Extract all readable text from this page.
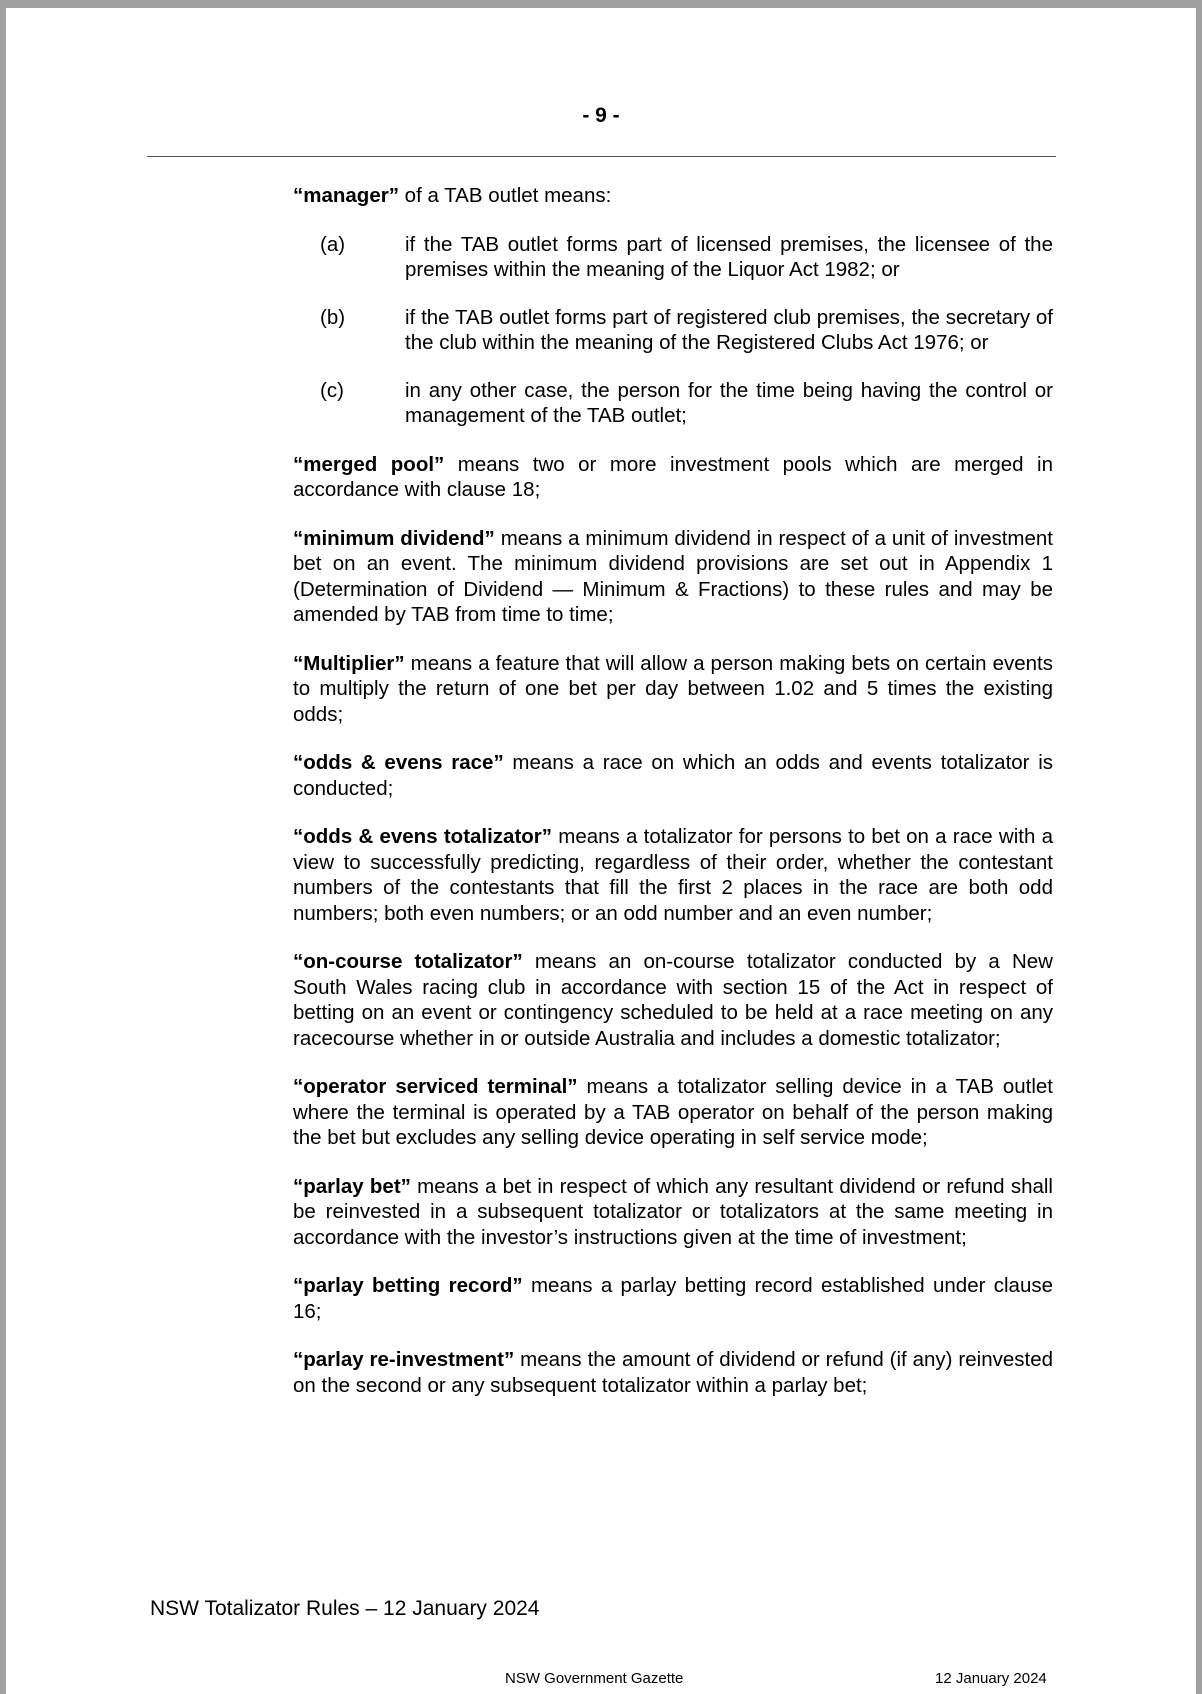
- 9 -

“manager” of a TAB outlet means:

(a)	if the TAB outlet forms part of licensed premises, the licensee of the premises within the meaning of the Liquor Act 1982; or
(b)	if the TAB outlet forms part of registered club premises, the secretary of the club within the meaning of the Registered Clubs Act 1976; or
(c)	in any other case, the person for the time being having the control or management of the TAB outlet;

“merged pool” means two or more investment pools which are merged in accordance with clause 18;

“minimum dividend” means a minimum dividend in respect of a unit of investment bet on an event. The minimum dividend provisions are set out in Appendix 1 (Determination of Dividend — Minimum & Fractions) to these rules and may be amended by TAB from time to time;

“Multiplier” means a feature that will allow a person making bets on certain events to multiply the return of one bet per day between 1.02 and 5 times the existing odds;

“odds & evens race” means a race on which an odds and events totalizator is conducted;

“odds & evens totalizator” means a totalizator for persons to bet on a race with a view to successfully predicting, regardless of their order, whether the contestant numbers of the contestants that fill the first 2 places in the race are both odd numbers; both even numbers; or an odd number and an even number;

“on-course totalizator” means an on-course totalizator conducted by a New South Wales racing club in accordance with section 15 of the Act in respect of betting on an event or contingency scheduled to be held at a race meeting on any racecourse whether in or outside Australia and includes a domestic totalizator;

“operator serviced terminal” means a totalizator selling device in a TAB outlet where the terminal is operated by a TAB operator on behalf of the person making the bet but excludes any selling device operating in self service mode;

“parlay bet” means a bet in respect of which any resultant dividend or refund shall be reinvested in a subsequent totalizator or totalizators at the same meeting in accordance with the investor’s instructions given at the time of investment;

“parlay betting record” means a parlay betting record established under clause 16;

“parlay re-investment” means the amount of dividend or refund (if any) reinvested on the second or any subsequent totalizator within a parlay bet;

NSW Totalizator Rules – 12 January 2024
NSW Government Gazette	12 January 2024
